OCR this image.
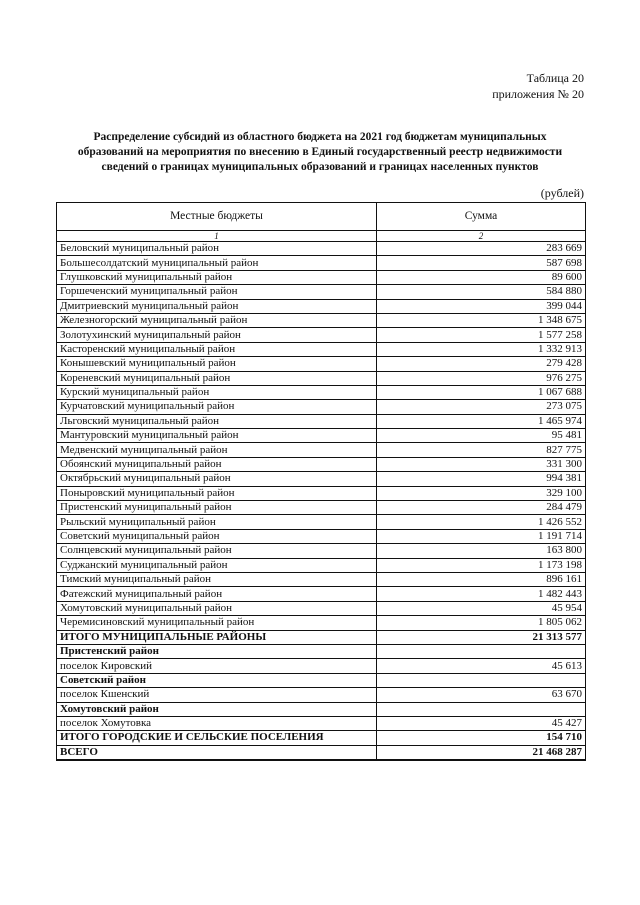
Таблица 20
приложения № 20
Распределение субсидий из областного бюджета на 2021 год бюджетам муниципальных
образований на мероприятия по внесению в Единый государственный реестр недвижимости
сведений о границах муниципальных образований и границах населенных пунктов
(рублей)
Местные бюджеты	Сумма
1	2
Беловский муниципальный район	283 669
Большесолдатский муниципальный район	587 698
Глушковский муниципальный район	89 600
Горшеченский муниципальный район	584 880
Дмитриевский муниципальный район	399 044
Железногорский муниципальный район	1 348 675
Золотухинский муниципальный район	1 577 258
Касторенский муниципальный район	1 332 913
Конышевский муниципальный район	279 428
Кореневский муниципальный район	976 275
Курский муниципальный район	1 067 688
Курчатовский муниципальный район	273 075
Льговский муниципальный район	1 465 974
Мантуровский муниципальный район	95 481
Медвенский муниципальный район	827 775
Обоянский муниципальный район	331 300
Октябрьский муниципальный район	994 381
Поныровский муниципальный район	329 100
Пристенский муниципальный район	284 479
Рыльский муниципальный район	1 426 552
Советский муниципальный район	1 191 714
Солнцевский муниципальный район	163 800
Суджанский муниципальный район	1 173 198
Тимский муниципальный район	896 161
Фатежский муниципальный район	1 482 443
Хомутовский муниципальный район	45 954
Черемисиновский муниципальный район	1 805 062
ИТОГО МУНИЦИПАЛЬНЫЕ РАЙОНЫ	21 313 577
Пристенский район	
поселок Кировский	45 613
Советский район	
поселок Кшенский	63 670
Хомутовский район	
поселок Хомутовка	45 427
ИТОГО ГОРОДСКИЕ И СЕЛЬСКИЕ ПОСЕЛЕНИЯ	154 710
ВСЕГО	21 468 287
